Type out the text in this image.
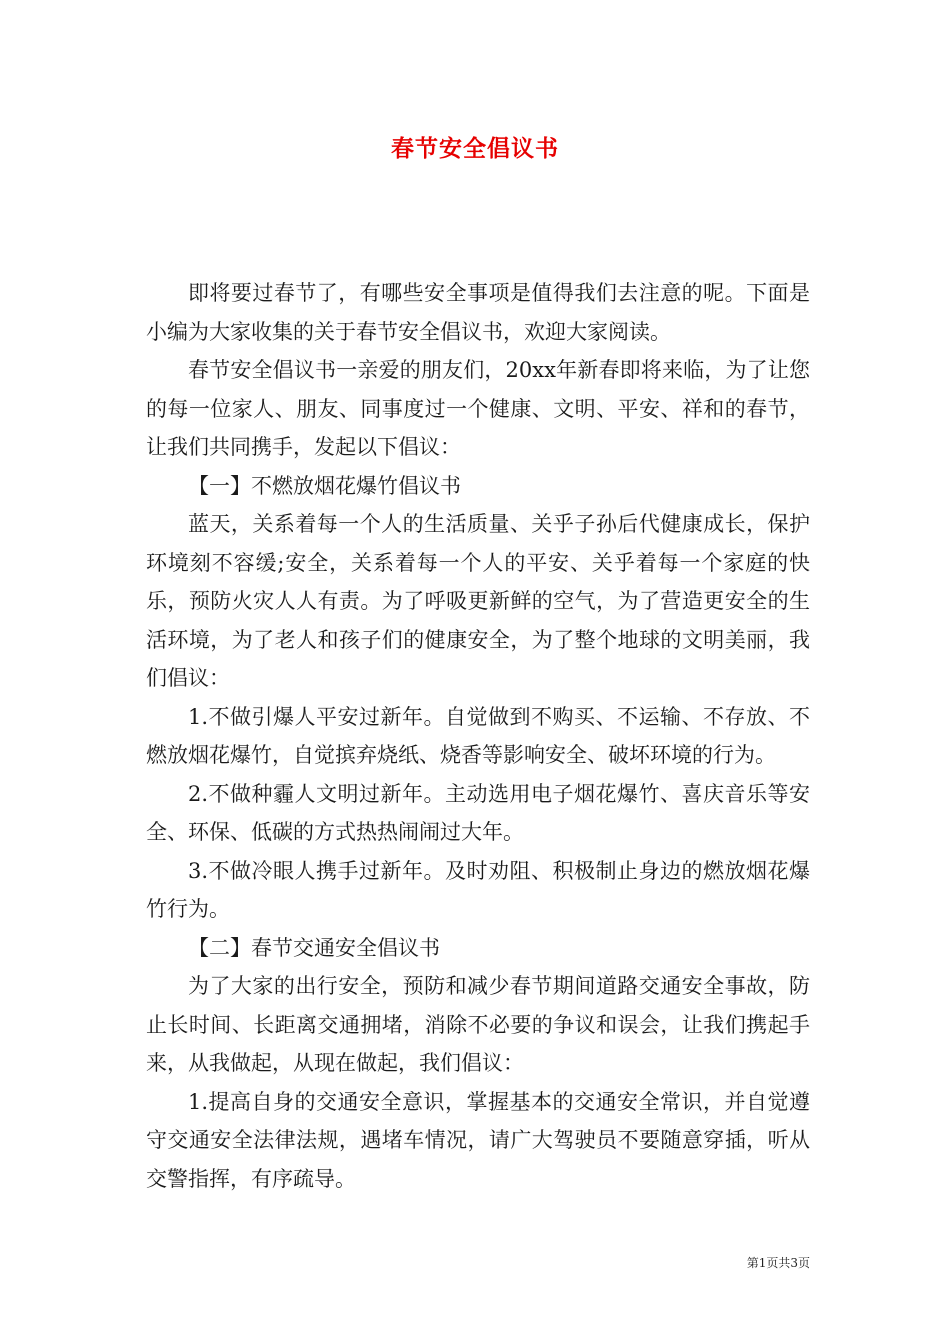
春节安全倡议书

即将要过春节了，有哪些安全事项是值得我们去注意的呢。下面是小编为大家收集的关于春节安全倡议书，欢迎大家阅读。

春节安全倡议书一亲爱的朋友们，20xx年新春即将来临，为了让您的每一位家人、朋友、同事度过一个健康、文明、平安、祥和的春节，让我们共同携手，发起以下倡议：

【一】不燃放烟花爆竹倡议书

蓝天，关系着每一个人的生活质量、关乎子孙后代健康成长，保护环境刻不容缓;安全，关系着每一个人的平安、关乎着每一个家庭的快乐，预防火灾人人有责。为了呼吸更新鲜的空气，为了营造更安全的生活环境，为了老人和孩子们的健康安全，为了整个地球的文明美丽，我们倡议：

1.不做引爆人平安过新年。自觉做到不购买、不运输、不存放、不燃放烟花爆竹，自觉摈弃烧纸、烧香等影响安全、破坏环境的行为。

2.不做种霾人文明过新年。主动选用电子烟花爆竹、喜庆音乐等安全、环保、低碳的方式热热闹闹过大年。

3.不做冷眼人携手过新年。及时劝阻、积极制止身边的燃放烟花爆竹行为。

【二】春节交通安全倡议书

为了大家的出行安全，预防和减少春节期间道路交通安全事故，防止长时间、长距离交通拥堵，消除不必要的争议和误会，让我们携起手来，从我做起，从现在做起，我们倡议：

1.提高自身的交通安全意识，掌握基本的交通安全常识，并自觉遵守交通安全法律法规，遇堵车情况，请广大驾驶员不要随意穿插，听从交警指挥，有序疏导。

第1页共3页
